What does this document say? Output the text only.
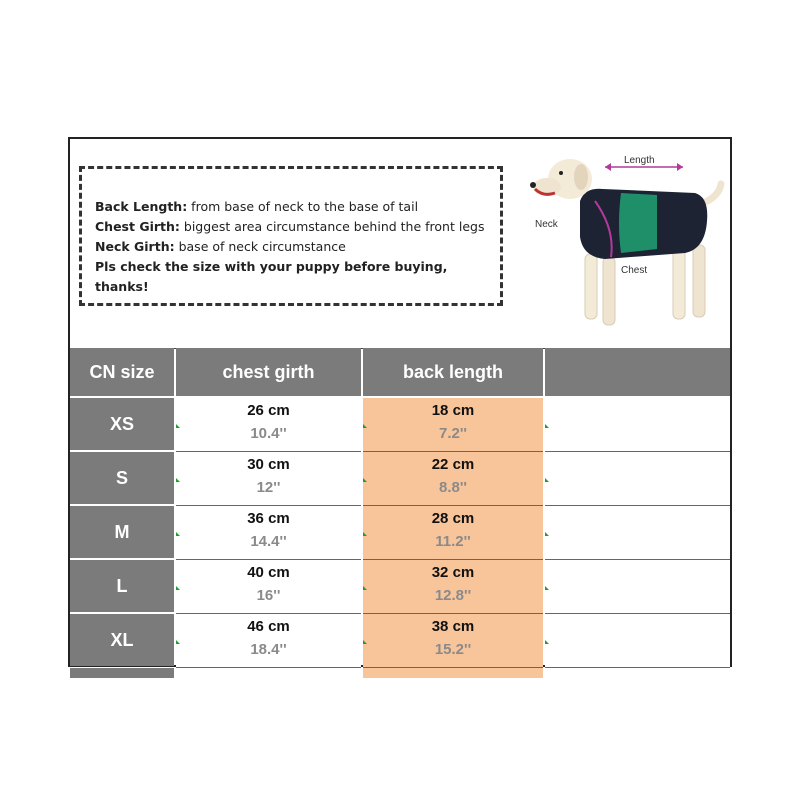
Back Length: from base of neck to the base of tail
Chest Girth: biggest area circumstance behind the front legs
Neck Girth: base of neck circumstance
Pls check the size with your puppy before buying, thanks!
Length
Neck
Chest
CN size	chest girth	back length
XS
26 cm
10.4''
18 cm
7.2''
S
30 cm
12''
22 cm
8.8''
M
36 cm
14.4''
28 cm
11.2''
L
40 cm
16''
32 cm
12.8''
XL
46 cm
18.4''
38 cm
15.2''
